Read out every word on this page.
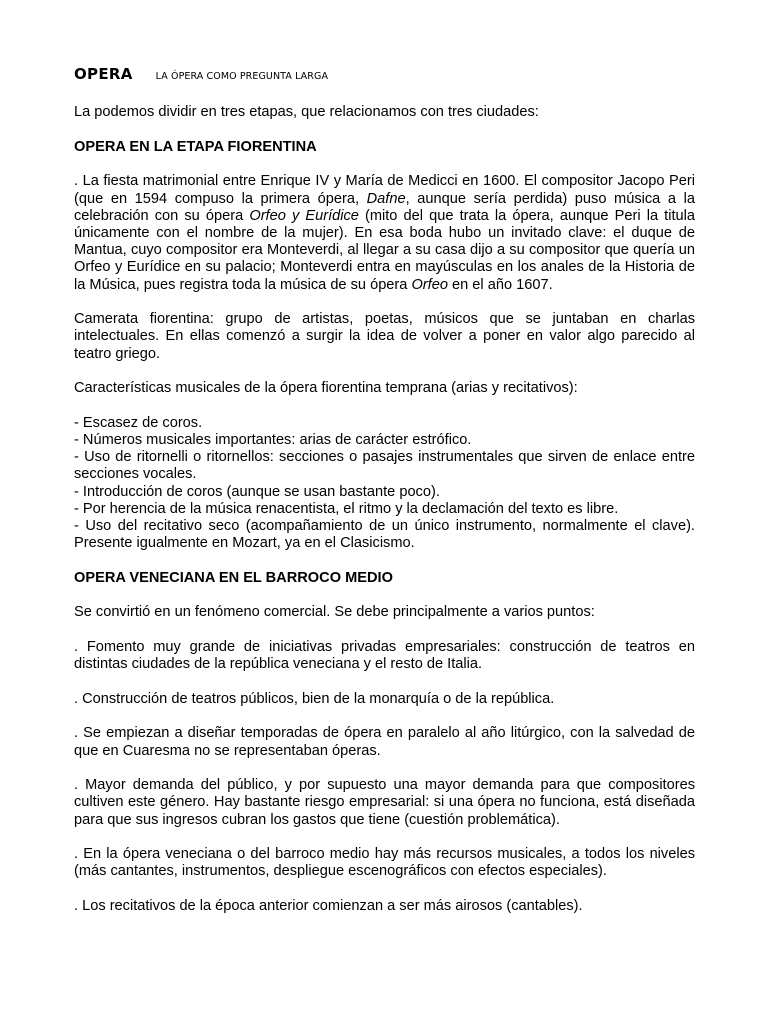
OPERA LA ÓPERA COMO PREGUNTA LARGA

La podemos dividir en tres etapas, que relacionamos con tres ciudades:

OPERA EN LA ETAPA FIORENTINA

. La fiesta matrimonial entre Enrique IV y María de Medicci en 1600. El compositor Jacopo Peri (que en 1594 compuso la primera ópera, Dafne, aunque sería perdida) puso música a la celebración con su ópera Orfeo y Eurídice (mito del que trata la ópera, aunque Peri la titula únicamente con el nombre de la mujer). En esa boda hubo un invitado clave: el duque de Mantua, cuyo compositor era Monteverdi, al llegar a su casa dijo a su compositor que quería un Orfeo y Eurídice en su palacio; Monteverdi entra en mayúsculas en los anales de la Historia de la Música, pues registra toda la música de su ópera Orfeo en el año 1607.

Camerata fiorentina: grupo de artistas, poetas, músicos que se juntaban en charlas intelectuales. En ellas comenzó a surgir la idea de volver a poner en valor algo parecido al teatro griego.

Características musicales de la ópera fiorentina temprana (arias y recitativos):

- Escasez de coros.
- Números musicales importantes: arias de carácter estrófico.
- Uso de ritornelli o ritornellos: secciones o pasajes instrumentales que sirven de enlace entre secciones vocales.
- Introducción de coros (aunque se usan bastante poco).
- Por herencia de la música renacentista, el ritmo y la declamación del texto es libre.
- Uso del recitativo seco (acompañamiento de un único instrumento, normalmente el clave). Presente igualmente en Mozart, ya en el Clasicismo.
OPERA VENECIANA EN EL BARROCO MEDIO

Se convirtió en un fenómeno comercial. Se debe principalmente a varios puntos:

. Fomento muy grande de iniciativas privadas empresariales: construcción de teatros en distintas ciudades de la república veneciana y el resto de Italia.

. Construcción de teatros públicos, bien de la monarquía o de la república.

. Se empiezan a diseñar temporadas de ópera en paralelo al año litúrgico, con la salvedad de que en Cuaresma no se representaban óperas.

. Mayor demanda del público, y por supuesto una mayor demanda para que compositores cultiven este género. Hay bastante riesgo empresarial: si una ópera no funciona, está diseñada para que sus ingresos cubran los gastos que tiene (cuestión problemática).

. En la ópera veneciana o del barroco medio hay más recursos musicales, a todos los niveles (más cantantes, instrumentos, despliegue escenográficos con efectos especiales).

. Los recitativos de la época anterior comienzan a ser más airosos (cantables).
